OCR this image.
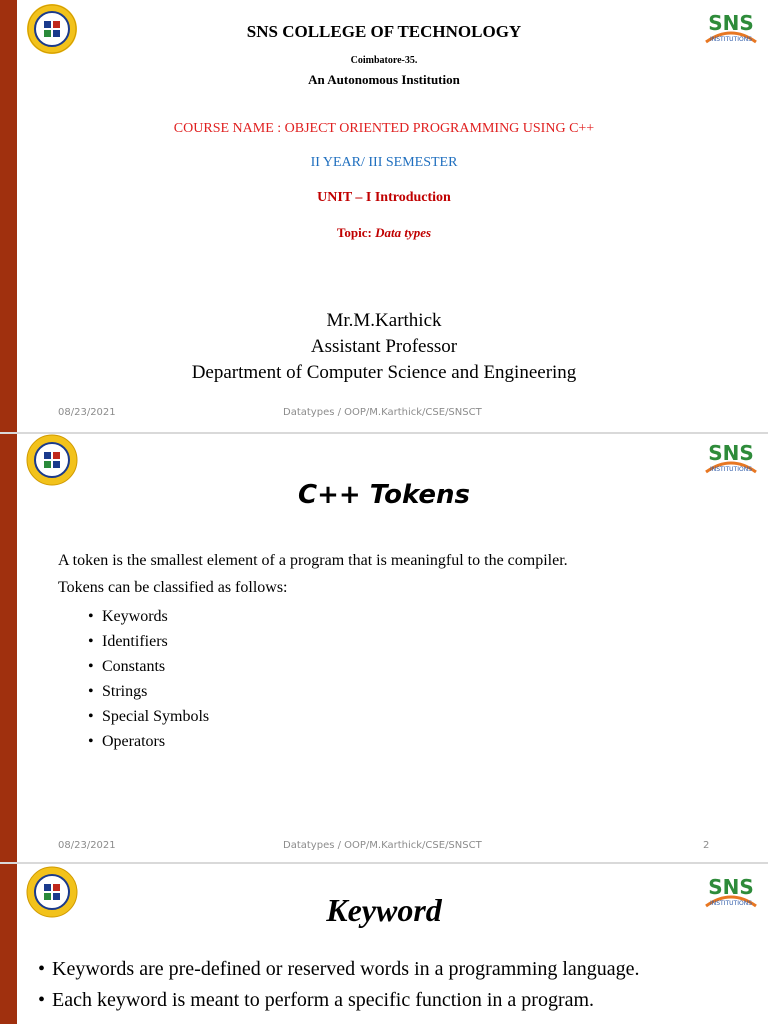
SNS
INSTITUTIONS
SNS COLLEGE OF TECHNOLOGY
Coimbatore-35.
An Autonomous Institution
COURSE NAME : OBJECT ORIENTED PROGRAMMING USING C++
II YEAR/ III SEMESTER
UNIT – I Introduction
Topic: Data types
Mr.M.Karthick
Assistant Professor
Department of Computer Science and Engineering
08/23/2021	Datatypes / OOP/M.Karthick/CSE/SNSCT
SNS
INSTITUTIONS
C++ Tokens
A token is the smallest element of a program that is meaningful to the compiler.
Tokens can be classified as follows:
• Keywords
• Identifiers
• Constants
• Strings
• Special Symbols
• Operators
08/23/2021	Datatypes / OOP/M.Karthick/CSE/SNSCT	2
SNS
INSTITUTIONS
Keyword
• Keywords are pre-defined or reserved words in a programming language.
• Each keyword is meant to perform a specific function in a program.
